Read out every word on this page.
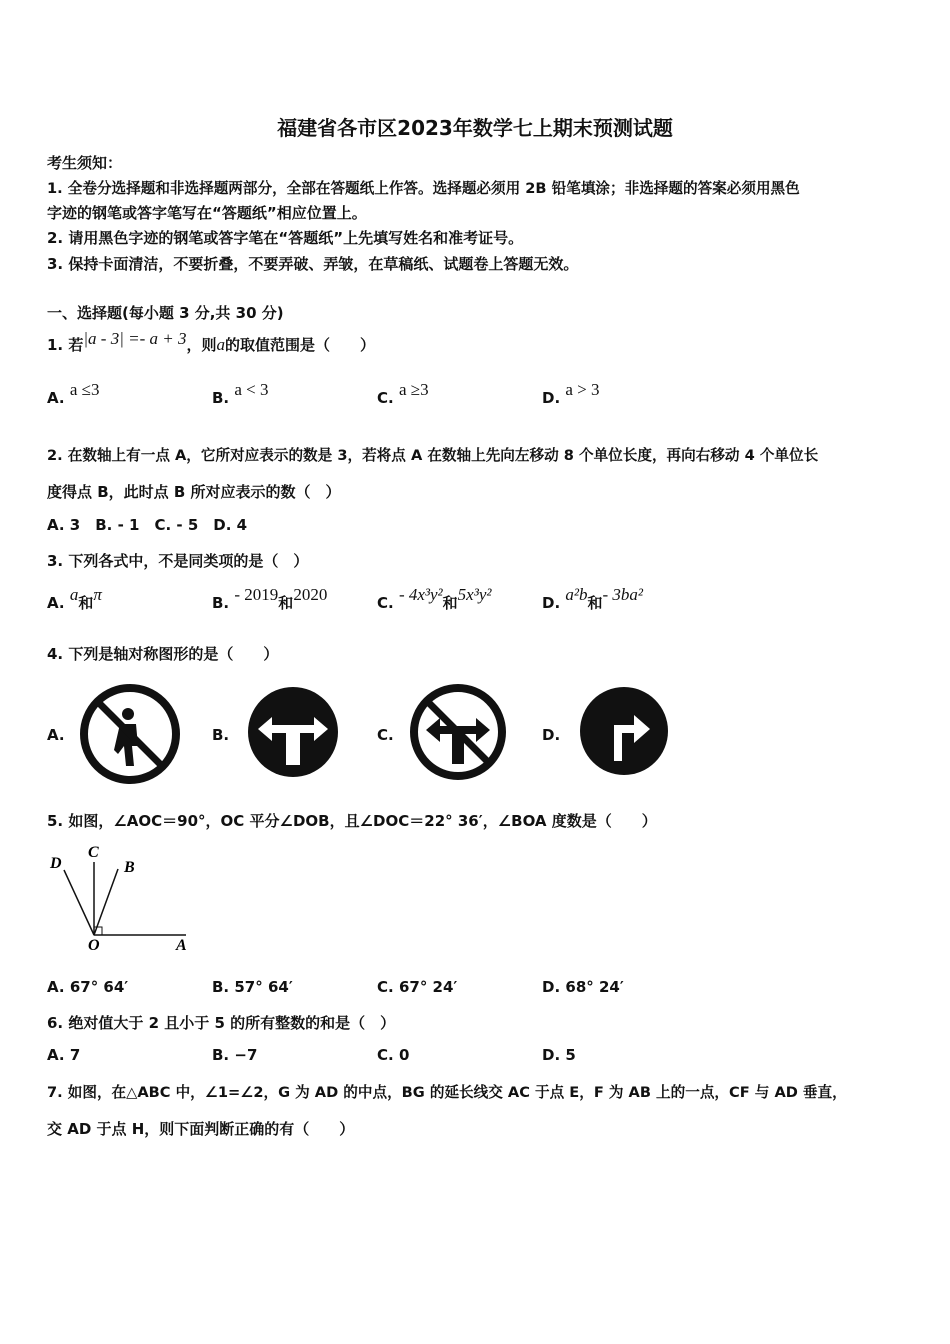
福建省各市区2023年数学七上期末预测试题
考生须知：
1. 全卷分选择题和非选择题两部分，全部在答题纸上作答。选择题必须用 2B 铅笔填涂；非选择题的答案必须用黑色
字迹的钢笔或答字笔写在“答题纸”相应位置上。
2. 请用黑色字迹的钢笔或答字笔在“答题纸”上先填写姓名和准考证号。
3. 保持卡面清洁，不要折叠，不要弄破、弄皱，在草稿纸、试题卷上答题无效。
一、选择题(每小题 3 分,共 30 分)
1. 若|a - 3| =- a + 3，则a的取值范围是（　　）
A. a ≤3	B. a < 3	C. a ≥3	D. a > 3
2. 在数轴上有一点 A，它所对应表示的数是 3，若将点 A 在数轴上先向左移动 8 个单位长度，再向右移动 4 个单位长
度得点 B，此时点 B 所对应表示的数（　）
A. 3　B. - 1　C. - 5　D. 4
3. 下列各式中，不是同类项的是（　）
A. a和π	B. - 2019和2020	C. - 4x³y²和5x³y²	D. a²b和- 3ba²
4. 下列是轴对称图形的是（　　）
A.	B.	C.	D.
5. 如图，∠AOC＝90°，OC 平分∠DOB，且∠DOC＝22° 36′，∠BOA 度数是（　　）
D
C
B
O	A
A. 67° 64′	B. 57° 64′	C. 67° 24′	D. 68° 24′
6. 绝对值大于 2 且小于 5 的所有整数的和是（　）
A. 7	B. −7	C. 0	D. 5
7. 如图，在△ABC 中，∠1=∠2，G 为 AD 的中点，BG 的延长线交 AC 于点 E，F 为 AB 上的一点，CF 与 AD 垂直，
交 AD 于点 H，则下面判断正确的有（　　）
